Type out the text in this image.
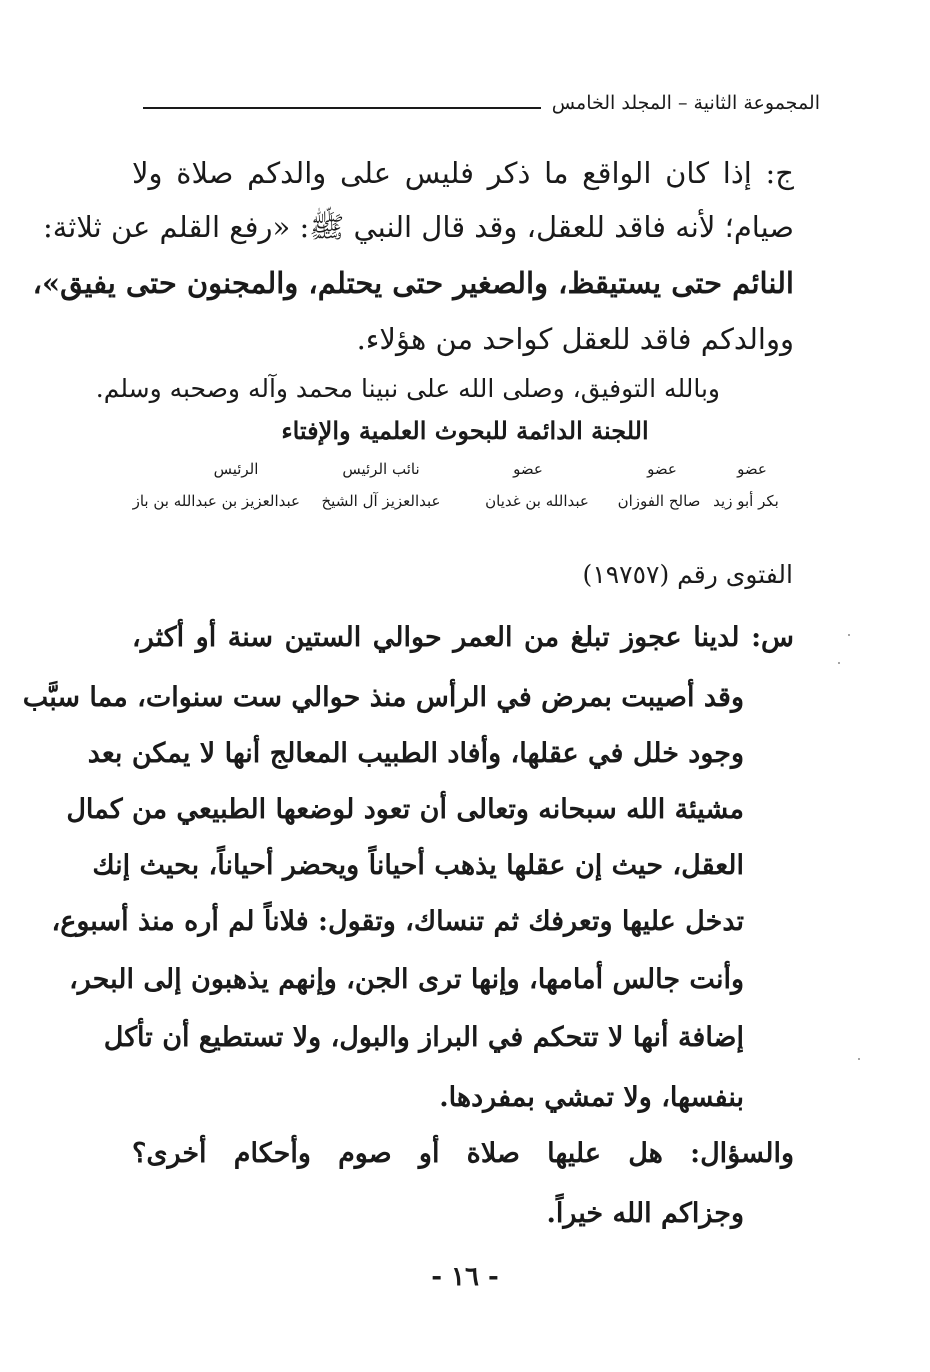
المجموعة الثانية – المجلد الخامس
ج: إذا كان الواقع ما ذكر فليس على والدكم صلاة ولا
صيام؛ لأنه فاقد للعقل، وقد قال النبي ﷺ: «رفع القلم عن ثلاثة:
النائم حتى يستيقظ، والصغير حتى يحتلم، والمجنون حتى يفيق»،
ووالدكم فاقد للعقل كواحد من هؤلاء.
وبالله التوفيق، وصلى الله على نبينا محمد وآله وصحبه وسلم.
اللجنة الدائمة للبحوث العلمية والإفتاء
عضو
بكر أبو زيد
عضو
صالح الفوزان
عضو
عبدالله بن غديان
نائب الرئيس
عبدالعزيز آل الشيخ
الرئيس
عبدالعزيز بن عبدالله بن باز
الفتوى رقم (١٩٧٥٧)
س: لدينا عجوز تبلغ من العمر حوالي الستين سنة أو أكثر،
وقد أصيبت بمرض في الرأس منذ حوالي ست سنوات، مما سبَّب
وجود خلل في عقلها، وأفاد الطبيب المعالج أنها لا يمكن بعد
مشيئة الله سبحانه وتعالى أن تعود لوضعها الطبيعي من كمال
العقل، حيث إن عقلها يذهب أحياناً ويحضر أحياناً، بحيث إنك
تدخل عليها وتعرفك ثم تنساك، وتقول: فلاناً لم أره منذ أسبوع،
وأنت جالس أمامها، وإنها ترى الجن، وإنهم يذهبون إلى البحر،
إضافة أنها لا تتحكم في البراز والبول، ولا تستطيع أن تأكل
بنفسها، ولا تمشي بمفردها.
والسؤال: هل عليها صلاة أو صوم وأحكام أخرى؟
وجزاكم الله خيراً.
- ١٦ -
